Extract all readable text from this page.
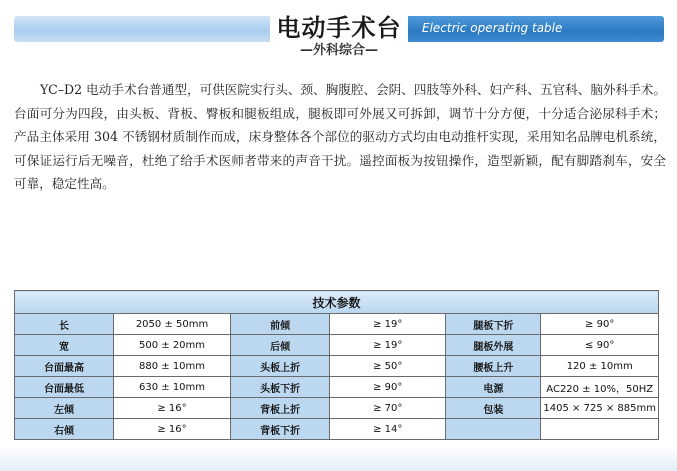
电动手术台	Electric operating table
—外科综合—

YC–D2 电动手术台普通型，可供医院实行头、颈、胸腹腔、会阴、四肢等外科、妇产科、五官科、脑外科手术。台面可分为四段，由头板、背板、臀板和腿板组成，腿板即可外展又可拆卸，调节十分方便，十分适合泌尿科手术；产品主体采用 304 不锈钢材质制作而成，床身整体各个部位的驱动方式均由电动推杆实现，采用知名品牌电机系统，可保证运行后无噪音，杜绝了给手术医师者带来的声音干扰。遥控面板为按钮操作，造型新颖，配有脚踏刹车，安全可靠，稳定性高。

技术参数					
长	2050 ± 50mm	前倾	≥ 19°	腿板下折	≥ 90°
宽	500 ± 20mm	后倾	≥ 19°	腿板外展	≤ 90°
台面最高	880 ± 10mm	头板上折	≥ 50°	腰板上升	120 ± 10mm
台面最低	630 ± 10mm	头板下折	≥ 90°	电源	AC220 ± 10%，50HZ
左倾	≥ 16°	背板上折	≥ 70°	包装	1405 × 725 × 885mm
右倾	≥ 16°	背板下折	≥ 14°		
